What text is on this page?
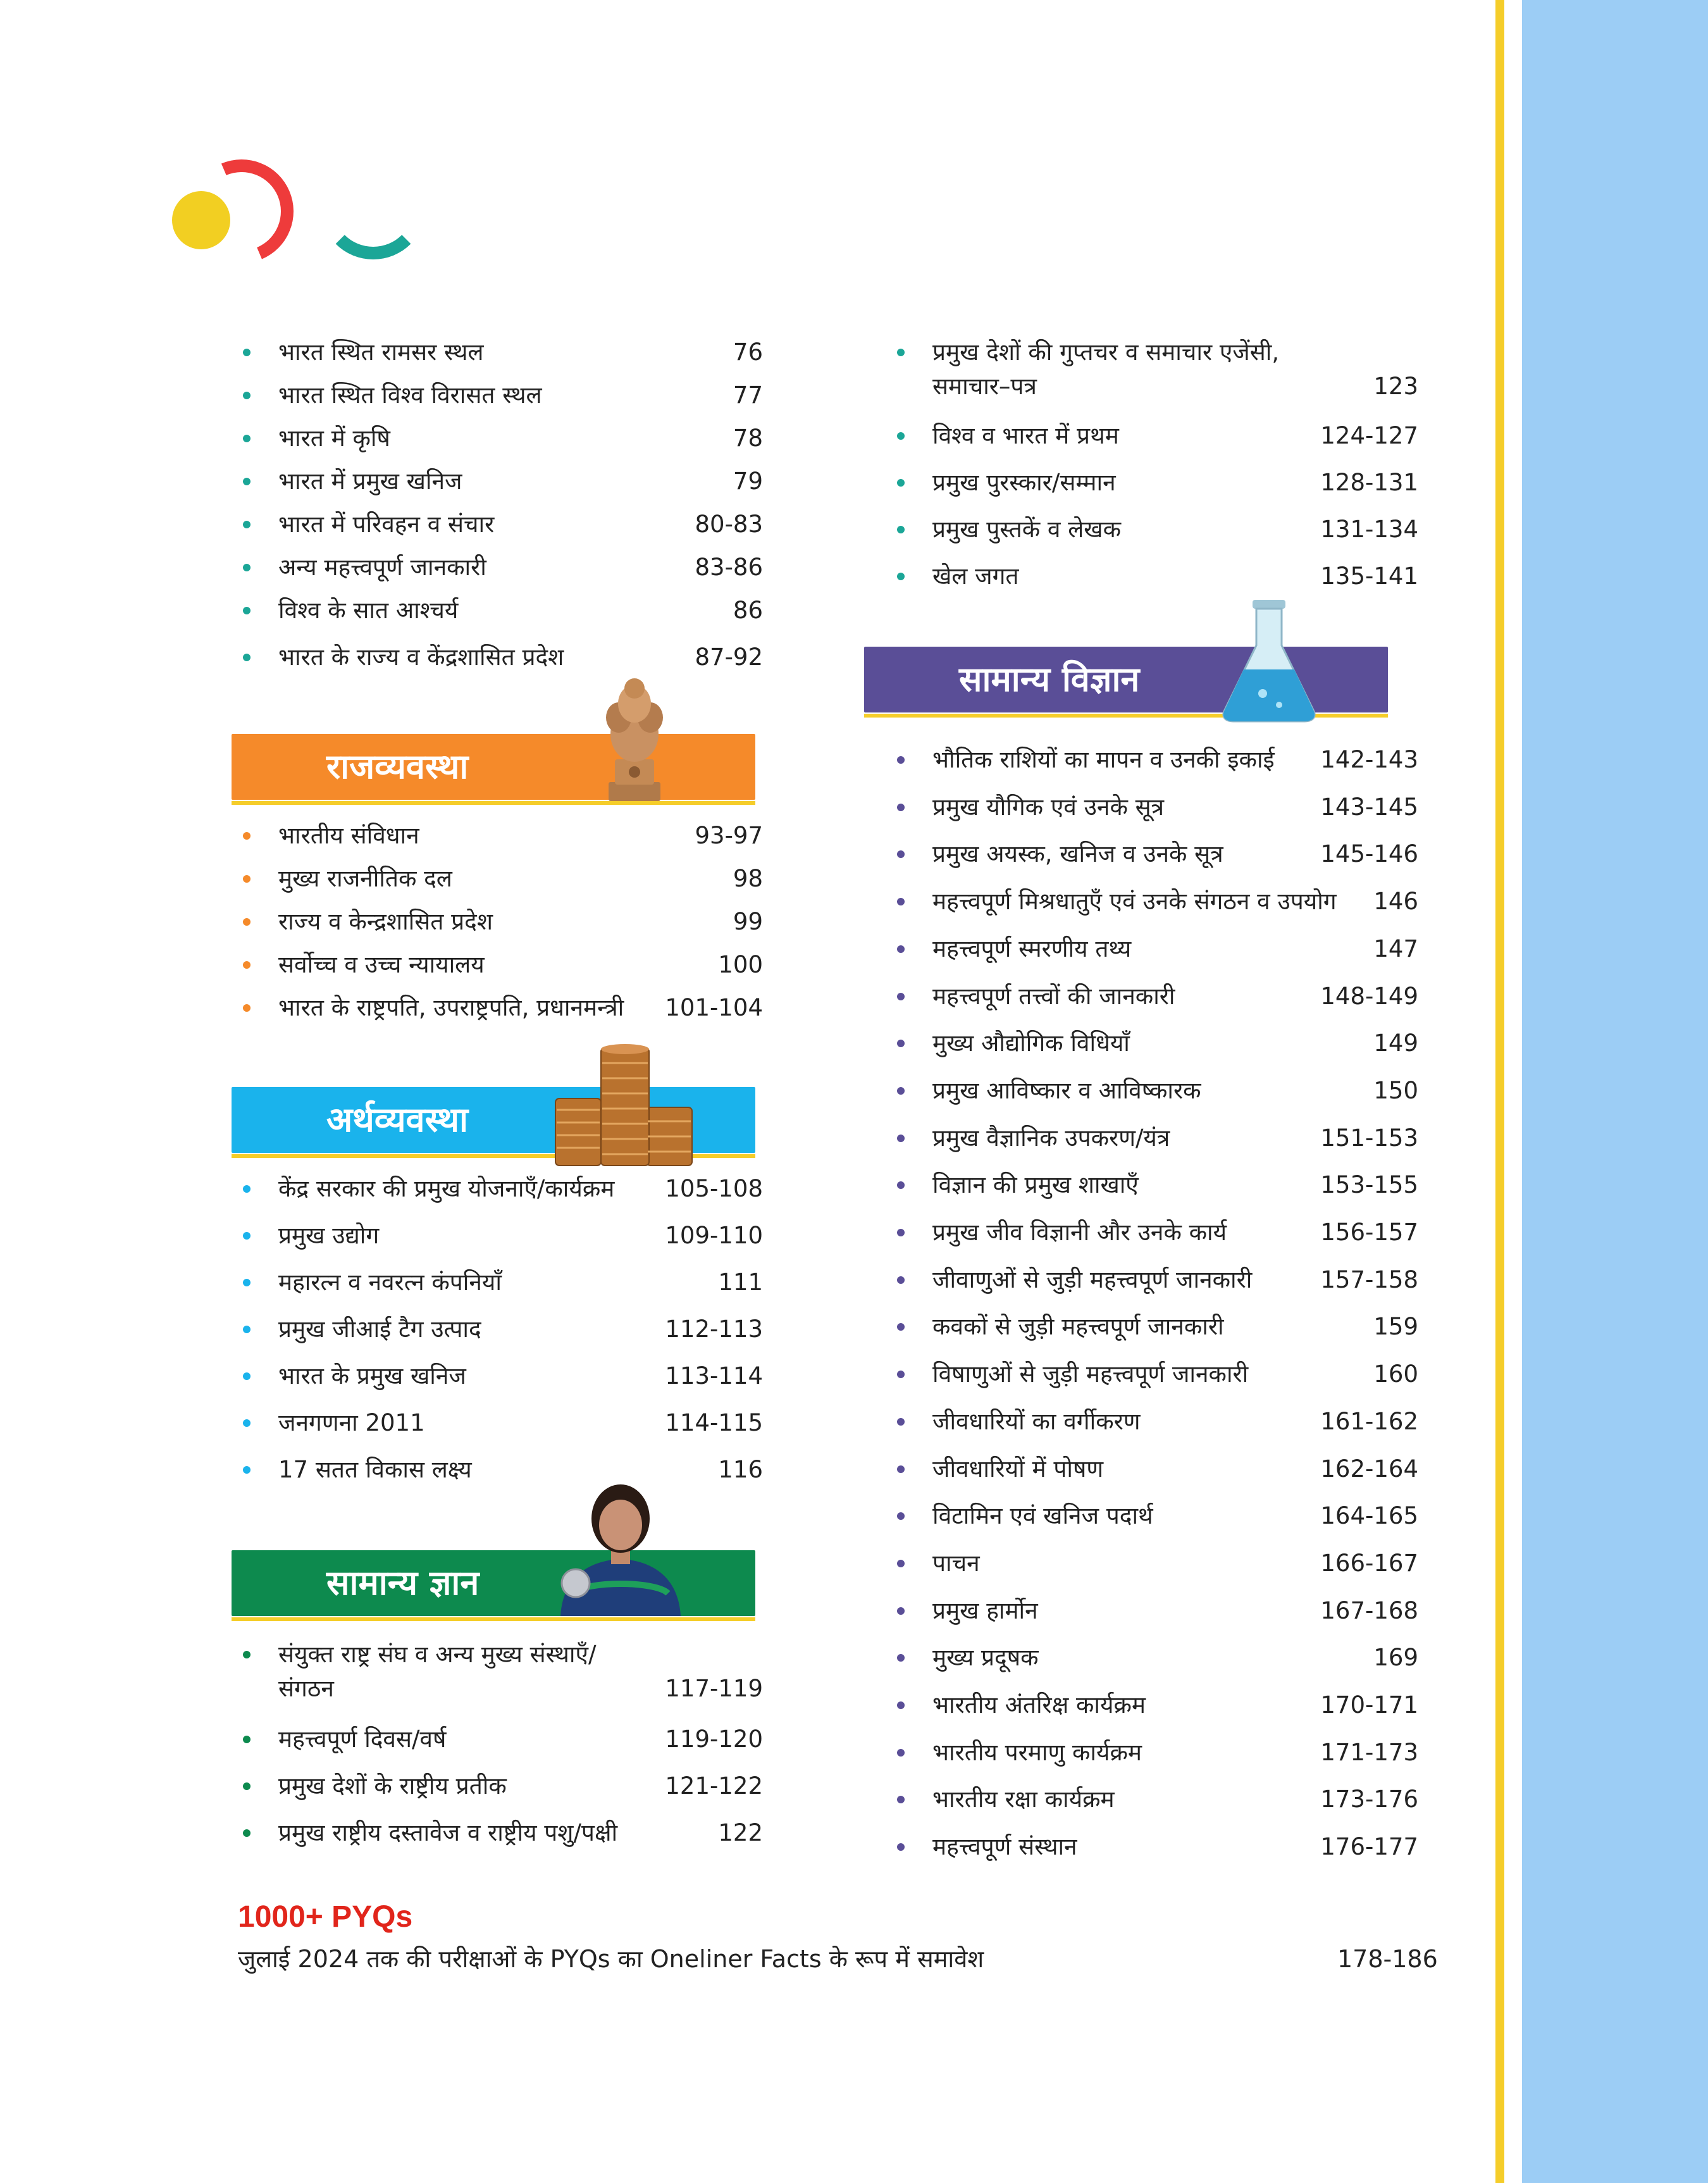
भारत स्थित रामसर स्थल	76
भारत स्थित विश्व विरासत स्थल	77
भारत में कृषि	78
भारत में प्रमुख खनिज	79
भारत में परिवहन व संचार	80-83
अन्य महत्त्वपूर्ण जानकारी	83-86
विश्व के सात आश्चर्य	86
भारत के राज्य व केंद्रशासित प्रदेश	87-92
राजव्यवस्था
भारतीय संविधान	93-97
मुख्य राजनीतिक दल	98
राज्य व केन्द्रशासित प्रदेश	99
सर्वोच्च व उच्च न्यायालय	100
भारत के राष्ट्रपति, उपराष्ट्रपति, प्रधानमन्त्री 101-104
अर्थव्यवस्था
केंद्र सरकार की प्रमुख योजनाएँ/कार्यक्रम 105-108
प्रमुख उद्योग	109-110
महारत्न व नवरत्न कंपनियाँ	111
प्रमुख जीआई टैग उत्पाद	112-113
भारत के प्रमुख खनिज	113-114
जनगणना 2011	114-115
17 सतत विकास लक्ष्य	116
सामान्य ज्ञान
संयुक्त राष्ट्र संघ व अन्य मुख्य संस्थाएँ/
संगठन	117-119
महत्त्वपूर्ण दिवस/वर्ष	119-120
प्रमुख देशों के राष्ट्रीय प्रतीक	121-122
प्रमुख राष्ट्रीय दस्तावेज व राष्ट्रीय पशु/पक्षी	122
प्रमुख देशों की गुप्तचर व समाचार एजेंसी,
समाचार–पत्र	123
विश्व व भारत में प्रथम	124-127
प्रमुख पुरस्कार/सम्मान	128-131
प्रमुख पुस्तकें व लेखक	131-134
खेल जगत	135-141
सामान्य विज्ञान
भौतिक राशियों का मापन व उनकी इकाई 142-143
प्रमुख यौगिक एवं उनके सूत्र	143-145
प्रमुख अयस्क, खनिज व उनके सूत्र	145-146
महत्त्वपूर्ण मिश्रधातुएँ एवं उनके संगठन व उपयोग 146
महत्त्वपूर्ण स्मरणीय तथ्य	147
महत्त्वपूर्ण तत्त्वों की जानकारी	148-149
मुख्य औद्योगिक विधियाँ	149
प्रमुख आविष्कार व आविष्कारक	150
प्रमुख वैज्ञानिक उपकरण/यंत्र	151-153
विज्ञान की प्रमुख शाखाएँ	153-155
प्रमुख जीव विज्ञानी और उनके कार्य	156-157
जीवाणुओं से जुड़ी महत्त्वपूर्ण जानकारी	157-158
कवकों से जुड़ी महत्त्वपूर्ण जानकारी	159
विषाणुओं से जुड़ी महत्त्वपूर्ण जानकारी	160
जीवधारियों का वर्गीकरण	161-162
जीवधारियों में पोषण	162-164
विटामिन एवं खनिज पदार्थ	164-165
पाचन	166-167
प्रमुख हार्मोन	167-168
मुख्य प्रदूषक	169
भारतीय अंतरिक्ष कार्यक्रम	170-171
भारतीय परमाणु कार्यक्रम	171-173
भारतीय रक्षा कार्यक्रम	173-176
महत्त्वपूर्ण संस्थान	176-177
1000+ PYQs
जुलाई 2024 तक की परीक्षाओं के PYQs का Oneliner Facts के रूप में समावेश	178-186
